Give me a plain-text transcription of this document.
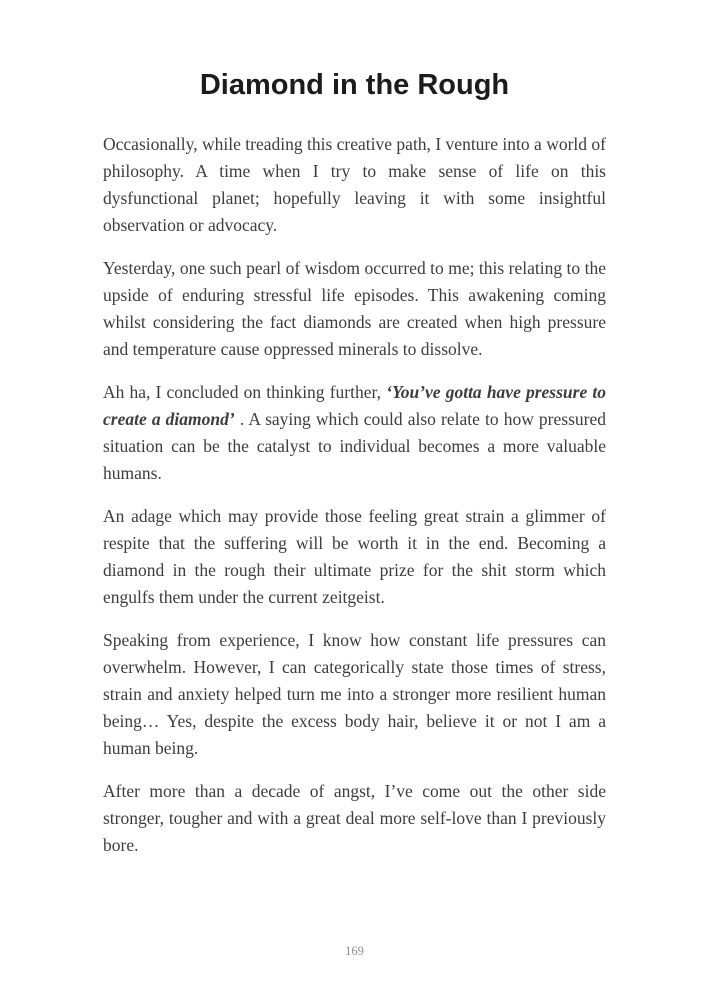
Diamond in the Rough

Occasionally, while treading this creative path, I venture into a world of philosophy. A time when I try to make sense of life on this dysfunctional planet; hopefully leaving it with some insightful observation or advocacy.

Yesterday, one such pearl of wisdom occurred to me; this relating to the upside of enduring stressful life episodes. This awakening coming whilst considering the fact diamonds are created when high pressure and temperature cause oppressed minerals to dissolve.

Ah ha, I concluded on thinking further, ‘You’ve gotta have pressure to create a diamond’ . A saying which could also relate to how pressured situation can be the catalyst to individual becomes a more valuable humans.

An adage which may provide those feeling great strain a glimmer of respite that the suffering will be worth it in the end. Becoming a diamond in the rough their ultimate prize for the shit storm which engulfs them under the current zeitgeist.

Speaking from experience, I know how constant life pressures can overwhelm. However, I can categorically state those times of stress, strain and anxiety helped turn me into a stronger more resilient human being… Yes, despite the excess body hair, believe it or not I am a human being.

After more than a decade of angst, I’ve come out the other side stronger, tougher and with a great deal more self-love than I previously bore.

169
